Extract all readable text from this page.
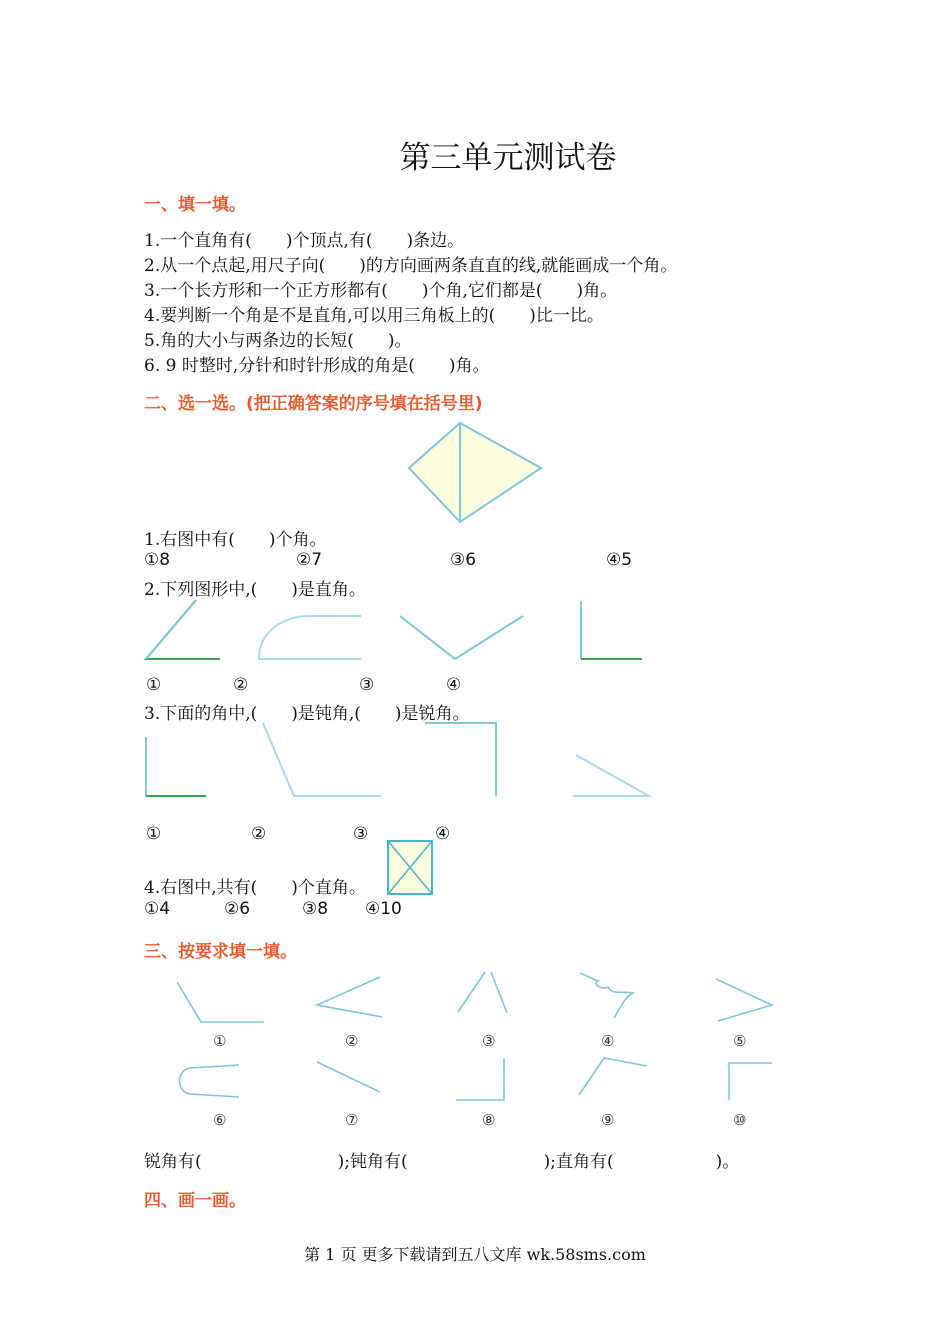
第三单元测试卷
一、填一填。
1.一个直角有(　　)个顶点,有(　　)条边。
2.从一个点起,用尺子向(　　)的方向画两条直直的线,就能画成一个角。
3.一个长方形和一个正方形都有(　　)个角,它们都是(　　)角。
4.要判断一个角是不是直角,可以用三角板上的(　　)比一比。
5.角的大小与两条边的长短(　　)。
6. 9 时整时,分针和时针形成的角是(　　)角。
二、选一选。(把正确答案的序号填在括号里)
1.右图中有(　　)个角。
①8	②7	③6	④5
2.下列图形中,(　　)是直角。
①	②	③	④
3.下面的角中,(　　)是钝角,(　　)是锐角。
①	②	③	④
4.右图中,共有(　　)个直角。
①4	②6	③8 ④10
三、按要求填一填。
①	②	③	④	⑤
⑥	⑦	⑧	⑨	⑩
锐角有(　　　　　　　　);钝角有(　　　　　　　　);直角有(　　　　　　)。
四、画一画。
第 1 页 更多下载请到五八文库 wk.58sms.com
